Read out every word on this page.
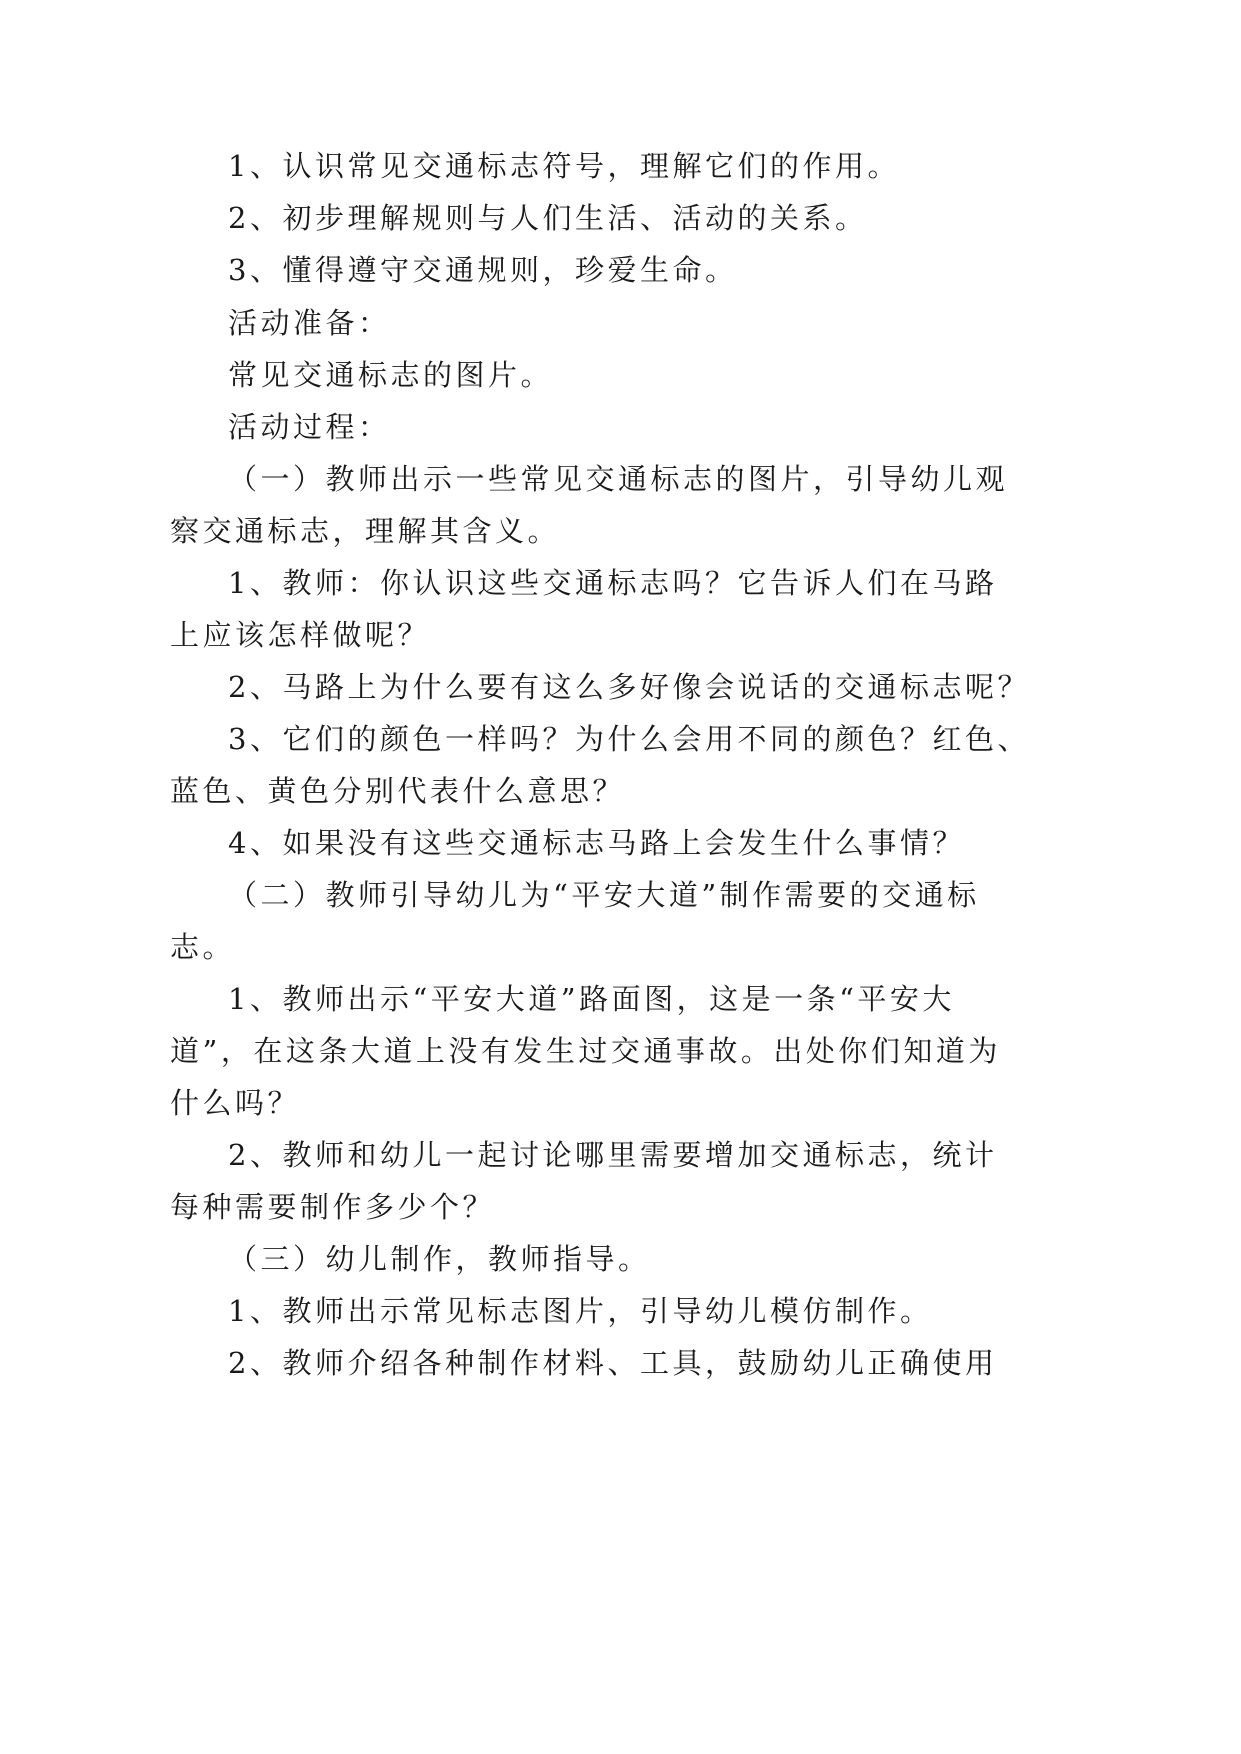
1、认识常见交通标志符号，理解它们的作用。
2、初步理解规则与人们生活、活动的关系。
3、懂得遵守交通规则，珍爱生命。
活动准备：
常见交通标志的图片。
活动过程：
（一）教师出示一些常见交通标志的图片，引导幼儿观
察交通标志，理解其含义。
1、教师：你认识这些交通标志吗？它告诉人们在马路
上应该怎样做呢？
2、马路上为什么要有这么多好像会说话的交通标志呢？
3、它们的颜色一样吗？为什么会用不同的颜色？红色、
蓝色、黄色分别代表什么意思？
4、如果没有这些交通标志马路上会发生什么事情？
（二）教师引导幼儿为“平安大道”制作需要的交通标
志。
1、教师出示“平安大道”路面图，这是一条“平安大
道”，在这条大道上没有发生过交通事故。出处你们知道为
什么吗？
2、教师和幼儿一起讨论哪里需要增加交通标志，统计
每种需要制作多少个？
（三）幼儿制作，教师指导。
1、教师出示常见标志图片，引导幼儿模仿制作。
2、教师介绍各种制作材料、工具，鼓励幼儿正确使用
